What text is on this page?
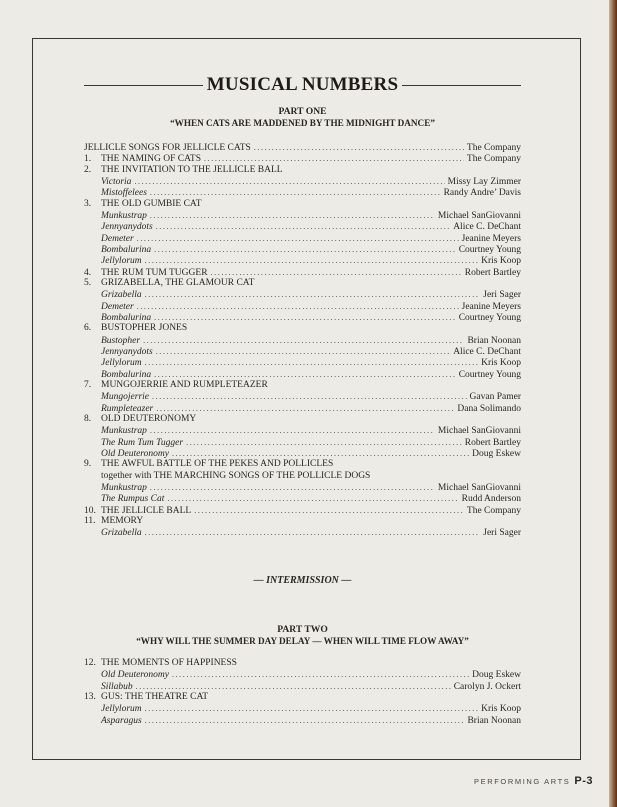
MUSICAL NUMBERS
PART ONE
“WHEN CATS ARE MADDENED BY THE MIDNIGHT DANCE”
JELLICLE SONGS FOR JELLICLE CATS .....	The Company
1.	THE NAMING OF CATS .....	The Company
2.	THE INVITATION TO THE JELLICLE BALL
Victoria .....	Missy Lay Zimmer
Mistoffelees .....	Randy Andre’ Davis
3.	THE OLD GUMBIE CAT
Munkustrap .....	Michael SanGiovanni
Jennyanydots .....	Alice C. DeChant
Demeter .....	Jeanine Meyers
Bombalurina .....	Courtney Young
Jellylorum .....	Kris Koop
4.	THE RUM TUM TUGGER .....	Robert Bartley
5.	GRIZABELLA, THE GLAMOUR CAT
Grizabella .....	Jeri Sager
Demeter .....	Jeanine Meyers
Bombalurina .....	Courtney Young
6.	BUSTOPHER JONES
Bustopher .....	Brian Noonan
Jennyanydots .....	Alice C. DeChant
Jellylorum .....	Kris Koop
Bombalurina .....	Courtney Young
7.	MUNGOJERRIE AND RUMPLETEAZER
Mungojerrie .....	Gavan Pamer
Rumpleteazer .....	Dana Solimando
8.	OLD DEUTERONOMY
Munkustrap .....	Michael SanGiovanni
The Rum Tum Tugger .....	Robert Bartley
Old Deuteronomy .....	Doug Eskew
9.	THE AWFUL BATTLE OF THE PEKES AND POLLICLES
together with THE MARCHING SONGS OF THE POLLICLE DOGS
Munkustrap .....	Michael SanGiovanni
The Rumpus Cat .....	Rudd Anderson
10. THE JELLICLE BALL .....	The Company
11. MEMORY
Grizabella .....	Jeri Sager
— INTERMISSION —
PART TWO
“WHY WILL THE SUMMER DAY DELAY — WHEN WILL TIME FLOW AWAY”
12. THE MOMENTS OF HAPPINESS
Old Deuteronomy .....	Doug Eskew
Sillabub .....	Carolyn J. Ockert
13. GUS: THE THEATRE CAT
Jellylorum .....	Kris Koop
Asparagus .....	Brian Noonan
PERFORMING ARTS P-3
